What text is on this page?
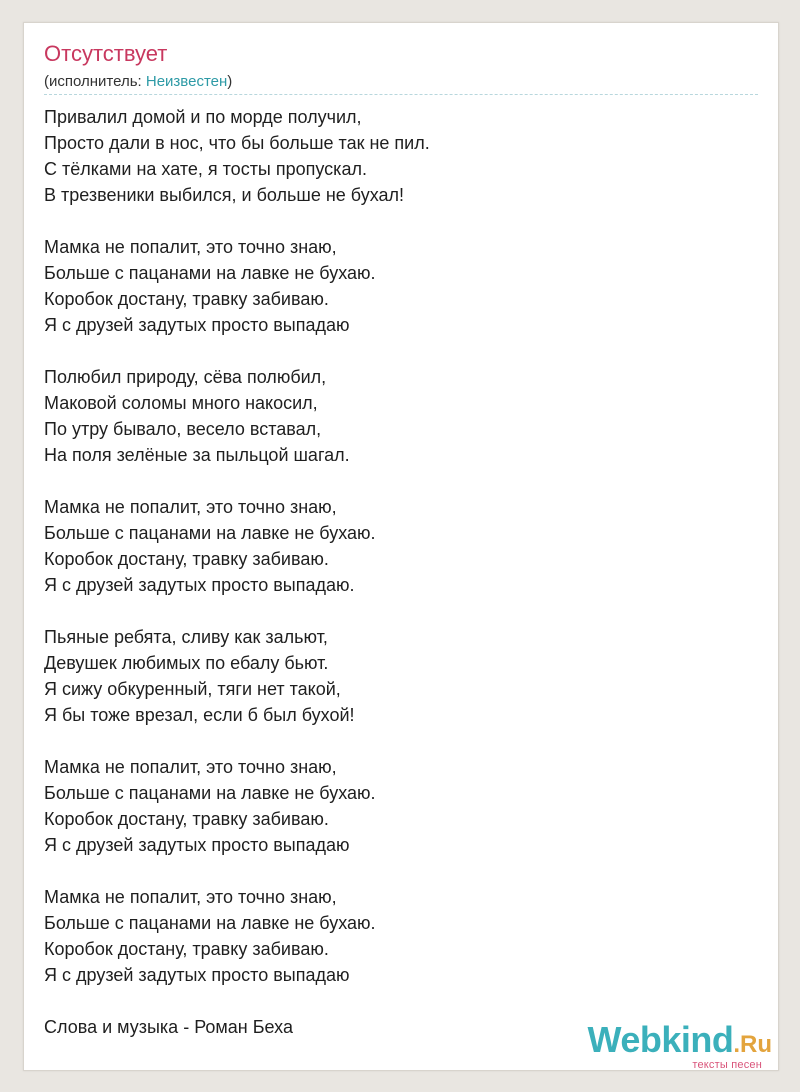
Отсутствует
(исполнитель: Неизвестен)
Привалил домой и по морде получил,
Просто дали в нос, что бы больше так не пил.
С тёлками на хате, я тосты пропускал.
В трезвеники выбился, и больше не бухал!
Мамка не попалит, это точно знаю,
Больше с пацанами на лавке не бухаю.
Коробок достану, травку забиваю.
Я с друзей задутых просто выпадаю
Полюбил природу, сёва полюбил,
Маковой соломы много накосил,
По утру бывало, весело вставал,
На поля зелёные за пыльцой шагал.
Мамка не попалит, это точно знаю,
Больше с пацанами на лавке не бухаю.
Коробок достану, травку забиваю.
Я с друзей задутых просто выпадаю.
Пьяные ребята, сливу как зальют,
Девушек любимых по ебалу бьют.
Я сижу обкуренный, тяги нет такой,
Я бы тоже врезал, если б был бухой!
Мамка не попалит, это точно знаю,
Больше с пацанами на лавке не бухаю.
Коробок достану, травку забиваю.
Я с друзей задутых просто выпадаю
Мамка не попалит, это точно знаю,
Больше с пацанами на лавке не бухаю.
Коробок достану, травку забиваю.
Я с друзей задутых просто выпадаю
Слова и музыка - Роман Беха	Webkind.Ru
тексты песен
